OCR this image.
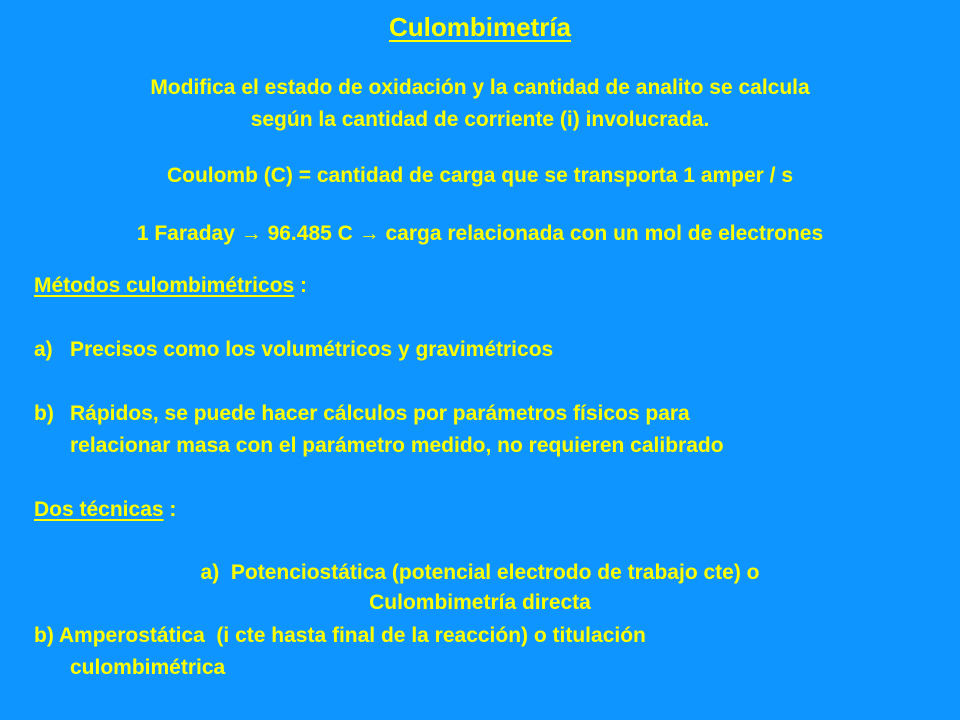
Culombimetría
Modifica el estado de oxidación y la cantidad de analito se calcula
según la cantidad de corriente (i) involucrada.
Coulomb (C) = cantidad de carga que se transporta 1 amper / s
1 Faraday → 96.485 C → carga relacionada con un mol de electrones
Métodos culombimétricos :
a) Precisos como los volumétricos y gravimétricos
b) Rápidos, se puede hacer cálculos por parámetros físicos para
relacionar masa con el parámetro medido, no requieren calibrado
Dos técnicas :
a) Potenciostática (potencial electrodo de trabajo cte) o
Culombimetría directa
b) Amperostática  (i cte hasta final de la reacción) o titulación
culombimétrica
